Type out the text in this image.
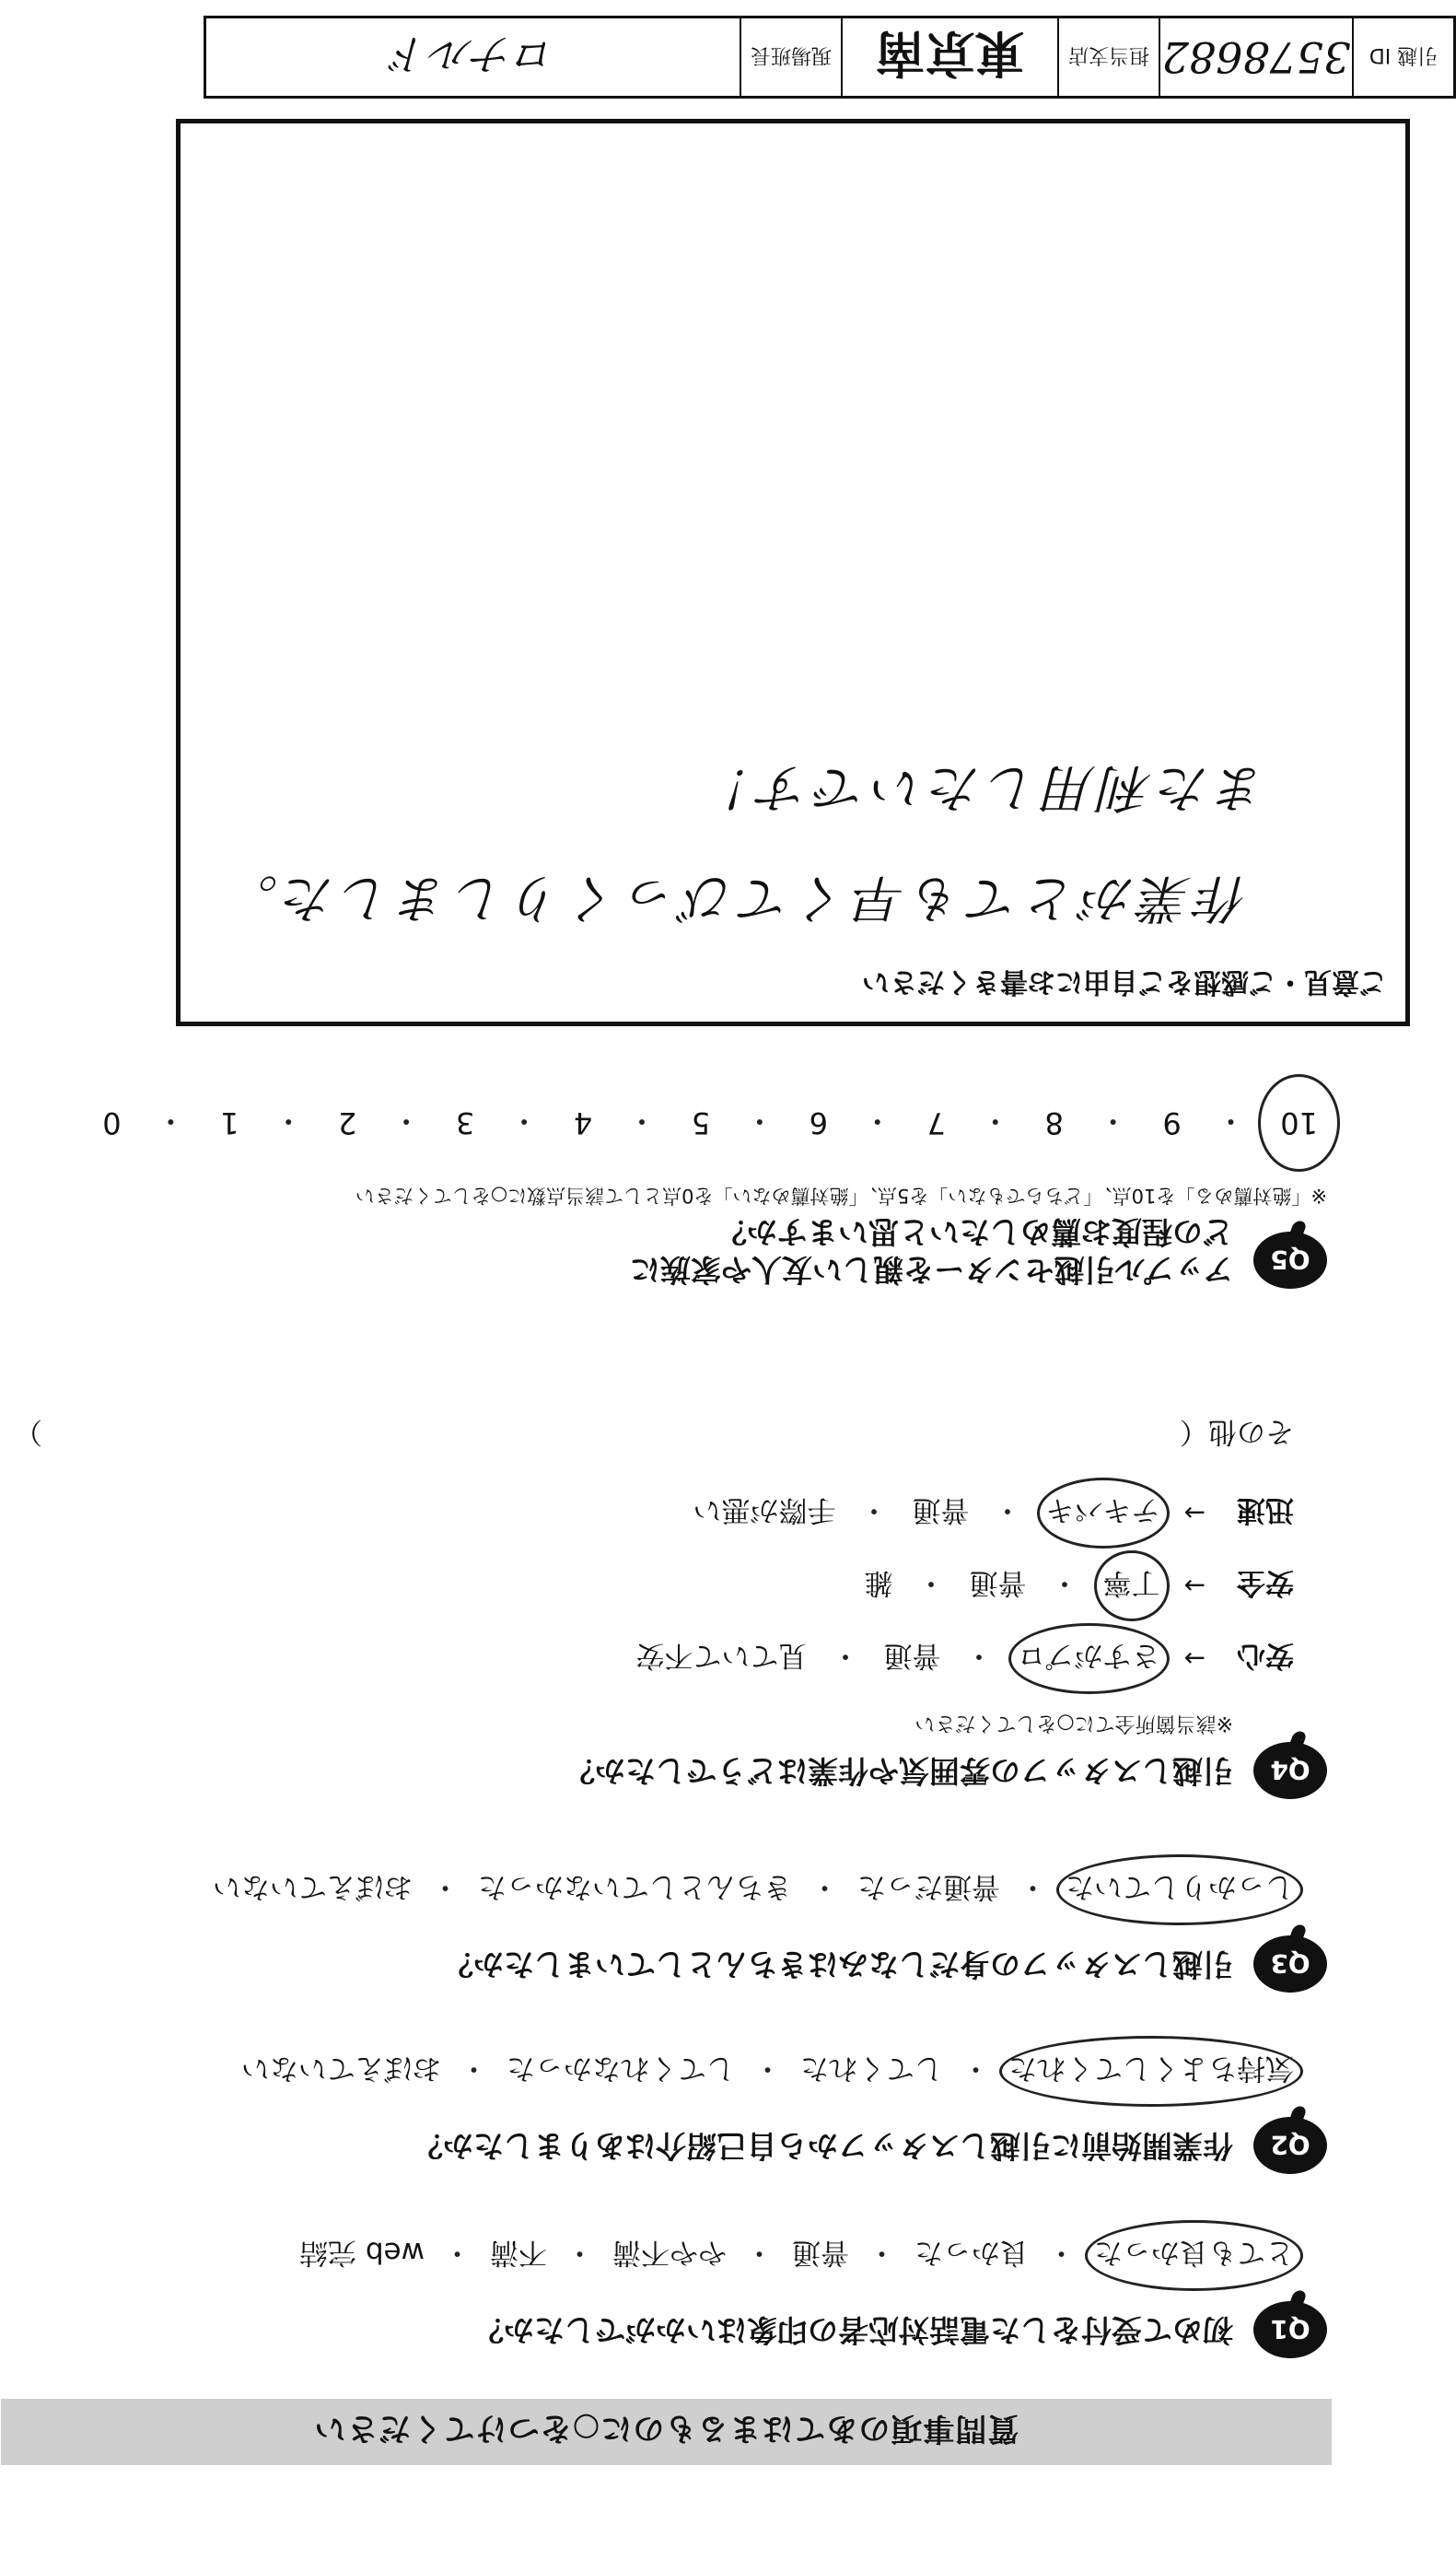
質問事項のあてはまるものに○をつけてください
Q1
初めて受付をした電話対応者の印象はいかがでしたか？
とても良かった
・
良かった
・
普通
・
やや不満
・
不満
・
web 完結
Q2
作業開始前に引越しスタッフから自己紹介はありましたか？
気持ちよくしてくれた
・
してくれた
・
してくれなかった
・
おぼえていない
Q3
引越しスタッフの身だしなみはきちんとしていましたか？
しっかりしていた
・
普通だった
・
きちんとしていなかった
・
おぼえていない
Q4
引越しスタッフの雰囲気や作業はどうでしたか？
※該当箇所全てに○をしてください
安心
→
さすがプロ
・
普通
・
見ていて不安
安全
→
丁寧
・
普通
・
雑
迅速
→
テキパキ
・
普通
・
手際が悪い
その他（
）
Q5
アップル引越センターを親しい友人や家族に
どの程度お薦めしたいと思いますか？
※「絶対薦める」を10点、「どちらでもない」を5点、「絶対薦めない」を0点として該当点数に○をしてください
10
・
9
・
8
・
7
・
6
・
5
・
4
・
3
・
2
・
1
・
0
ご意見・ご感想をご自由にお書きください
作業がとても早くてびっくりしました。
また利用したいです！
引越 ID
3578682
担当支店
東京南
現場班長
ロナルド
